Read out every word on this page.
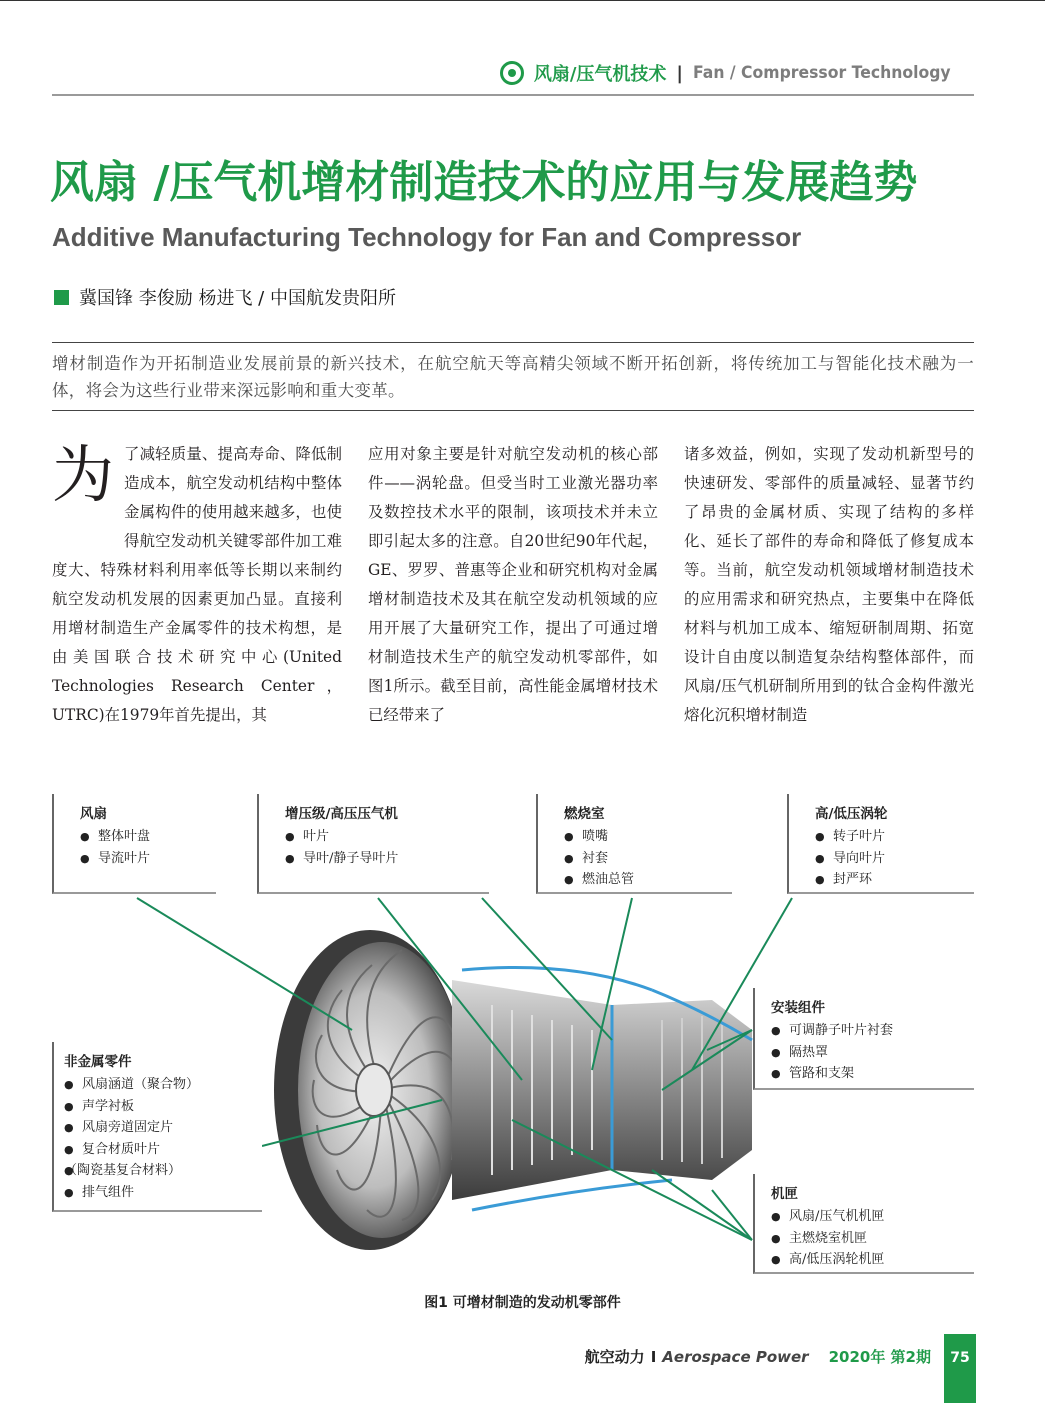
风扇/压气机技术 | Fan / Compressor Technology
风扇 /压气机增材制造技术的应用与发展趋势
Additive Manufacturing Technology for Fan and Compressor
冀国锋 李俊励 杨进飞 / 中国航发贵阳所
增材制造作为开拓制造业发展前景的新兴技术，在航空航天等高精尖领域不断开拓创新，将传统加工与智能化技术融为一体，将会为这些行业带来深远影响和重大变革。
为 了减轻质量、提高寿命、降低制造成本，航空发动机结构中整体金属构件的使用越来越多，也使得航空发动机关键零部件加工难度大、特殊材料利用率低等长期以来制约航空发动机发展的因素更加凸显。直接利用增材制造生产金属零件的技术构想，是由美国联合技术研究中心(United Technologies Research Center，UTRC)在1979年首先提出，其

应用对象主要是针对航空发动机的核心部件——涡轮盘。但受当时工业激光器功率及数控技术水平的限制，该项技术并未立即引起太多的注意。自20世纪90年代起，GE、罗罗、普惠等企业和研究机构对金属增材制造技术及其在航空发动机领域的应用开展了大量研究工作，提出了可通过增材制造技术生产的航空发动机零部件，如图1所示。截至目前，高性能金属增材技术已经带来了

诸多效益，例如，实现了发动机新型号的快速研发、零部件的质量减轻、显著节约了昂贵的金属材质、实现了结构的多样化、延长了部件的寿命和降低了修复成本等。当前，航空发动机领域增材制造技术的应用需求和研究热点，主要集中在降低材料与机加工成本、缩短研制周期、拓宽设计自由度以制造复杂结构整体部件，而风扇/压气机研制所用到的钛合金构件激光熔化沉积增材制造

风扇
● 整体叶盘
● 导流叶片
增压级/高压压气机
● 叶片
● 导叶/静子导叶片
燃烧室
● 喷嘴
● 衬套
● 燃油总管
高/低压涡轮
● 转子叶片
● 导向叶片
● 封严环
非金属零件
● 风扇涵道（聚合物）
● 声学衬板
● 风扇旁道固定片
● 复合材质叶片
● （陶瓷基复合材料）
● 排气组件
安装组件
● 可调静子叶片衬套
● 隔热罩
● 管路和支架
机匣
● 风扇/压气机机匣
● 主燃烧室机匣
● 高/低压涡轮机匣
图1 可增材制造的发动机零部件
航空动力 I Aerospace Power 2020年 第2期	75
